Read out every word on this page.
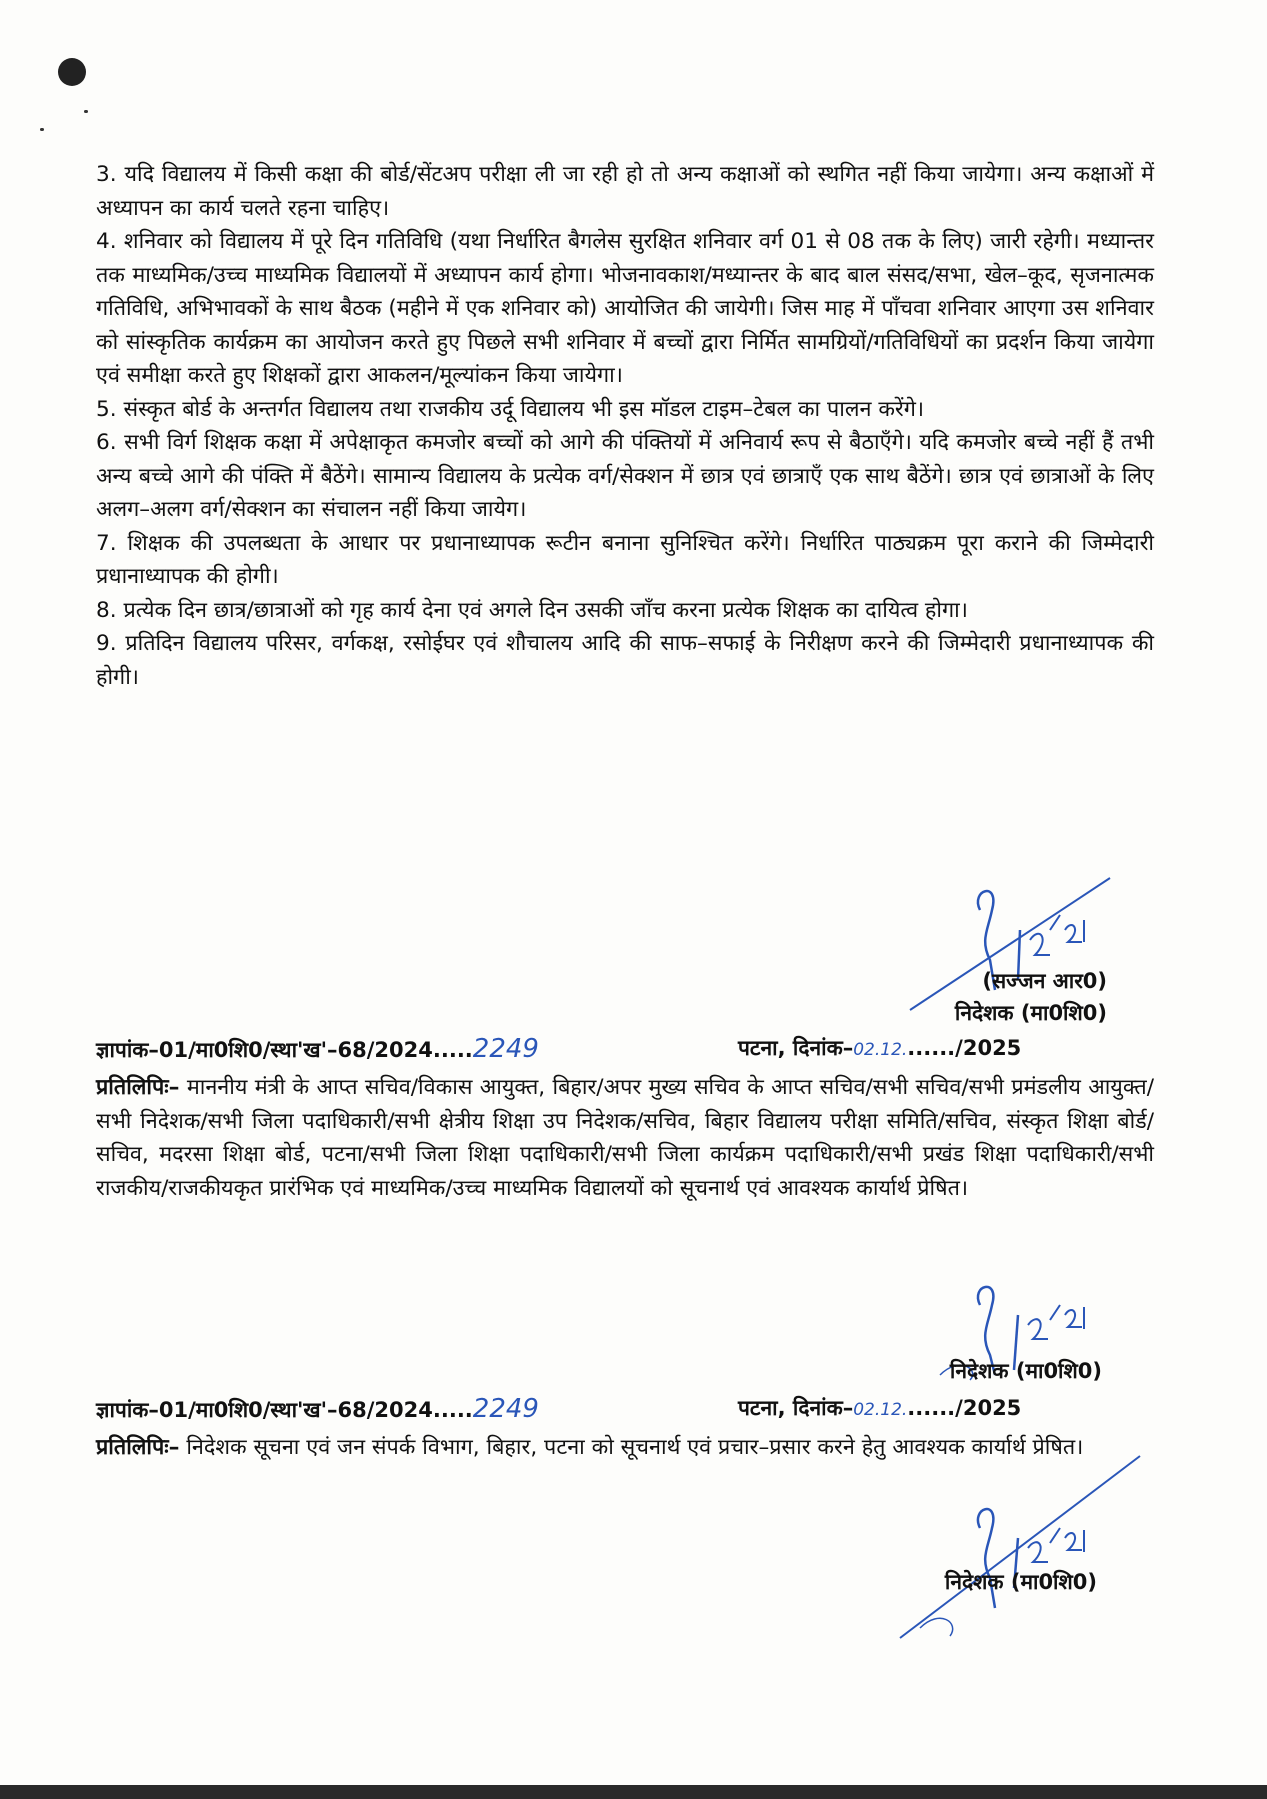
3. यदि विद्यालय में किसी कक्षा की बोर्ड/सेंटअप परीक्षा ली जा रही हो तो अन्य कक्षाओं को स्थगित नहीं किया जायेगा। अन्य कक्षाओं में अध्यापन का कार्य चलते रहना चाहिए।

4. शनिवार को विद्यालय में पूरे दिन गतिविधि (यथा निर्धारित बैगलेस सुरक्षित शनिवार वर्ग 01 से 08 तक के लिए) जारी रहेगी। मध्यान्तर तक माध्यमिक/उच्च माध्यमिक विद्यालयों में अध्यापन कार्य होगा। भोजनावकाश/मध्यान्तर के बाद बाल संसद/सभा, खेल–कूद, सृजनात्मक गतिविधि, अभिभावकों के साथ बैठक (महीने में एक शनिवार को) आयोजित की जायेगी। जिस माह में पाँचवा शनिवार आएगा उस शनिवार को सांस्कृतिक कार्यक्रम का आयोजन करते हुए पिछले सभी शनिवार में बच्चों द्वारा निर्मित सामग्रियों/गतिविधियों का प्रदर्शन किया जायेगा एवं समीक्षा करते हुए शिक्षकों द्वारा आकलन/मूल्यांकन किया जायेगा।

5. संस्कृत बोर्ड के अन्तर्गत विद्यालय तथा राजकीय उर्दू विद्यालय भी इस मॉडल टाइम–टेबल का पालन करेंगे।

6. सभी विर्ग शिक्षक कक्षा में अपेक्षाकृत कमजोर बच्चों को आगे की पंक्तियों में अनिवार्य रूप से बैठाएँगे। यदि कमजोर बच्चे नहीं हैं तभी अन्य बच्चे आगे की पंक्ति में बैठेंगे। सामान्य विद्यालय के प्रत्येक वर्ग/सेक्शन में छात्र एवं छात्राएँ एक साथ बैठेंगे। छात्र एवं छात्राओं के लिए अलग–अलग वर्ग/सेक्शन का संचालन नहीं किया जायेग।

7. शिक्षक की उपलब्धता के आधार पर प्रधानाध्यापक रूटीन बनाना सुनिश्चित करेंगे। निर्धारित पाठ्यक्रम पूरा कराने की जिम्मेदारी प्रधानाध्यापक की होगी।

8. प्रत्येक दिन छात्र/छात्राओं को गृह कार्य देना एवं अगले दिन उसकी जाँच करना प्रत्येक शिक्षक का दायित्व होगा।

9. प्रतिदिन विद्यालय परिसर, वर्गकक्ष, रसोईघर एवं शौचालय आदि की साफ–सफाई के निरीक्षण करने की जिम्मेदारी प्रधानाध्यापक की होगी।

(सज्जन आर0)
निदेशक (मा0शि0)
ज्ञापांक–01/मा0शि0/स्था'ख'–68/2024.....2249	पटना, दिनांक–02.12......./2025
प्रतिलिपिः– माननीय मंत्री के आप्त सचिव/विकास आयुक्त, बिहार/अपर मुख्य सचिव के आप्त सचिव/सभी सचिव/सभी प्रमंडलीय आयुक्त/सभी निदेशक/सभी जिला पदाधिकारी/सभी क्षेत्रीय शिक्षा उप निदेशक/सचिव, बिहार विद्यालय परीक्षा समिति/सचिव, संस्कृत शिक्षा बोर्ड/सचिव, मदरसा शिक्षा बोर्ड, पटना/सभी जिला शिक्षा पदाधिकारी/सभी जिला कार्यक्रम पदाधिकारी/सभी प्रखंड शिक्षा पदाधिकारी/सभी राजकीय/राजकीयकृत प्रारंभिक एवं माध्यमिक/उच्च माध्यमिक विद्यालयों को सूचनार्थ एवं आवश्यक कार्यार्थ प्रेषित।
निदेशक (मा0शि0)
ज्ञापांक–01/मा0शि0/स्था'ख'–68/2024.....2249	पटना, दिनांक–02.12......./2025
प्रतिलिपिः– निदेशक सूचना एवं जन संपर्क विभाग, बिहार, पटना को सूचनार्थ एवं प्रचार–प्रसार करने हेतु आवश्यक कार्यार्थ प्रेषित।
निदेशक (मा0शि0)
